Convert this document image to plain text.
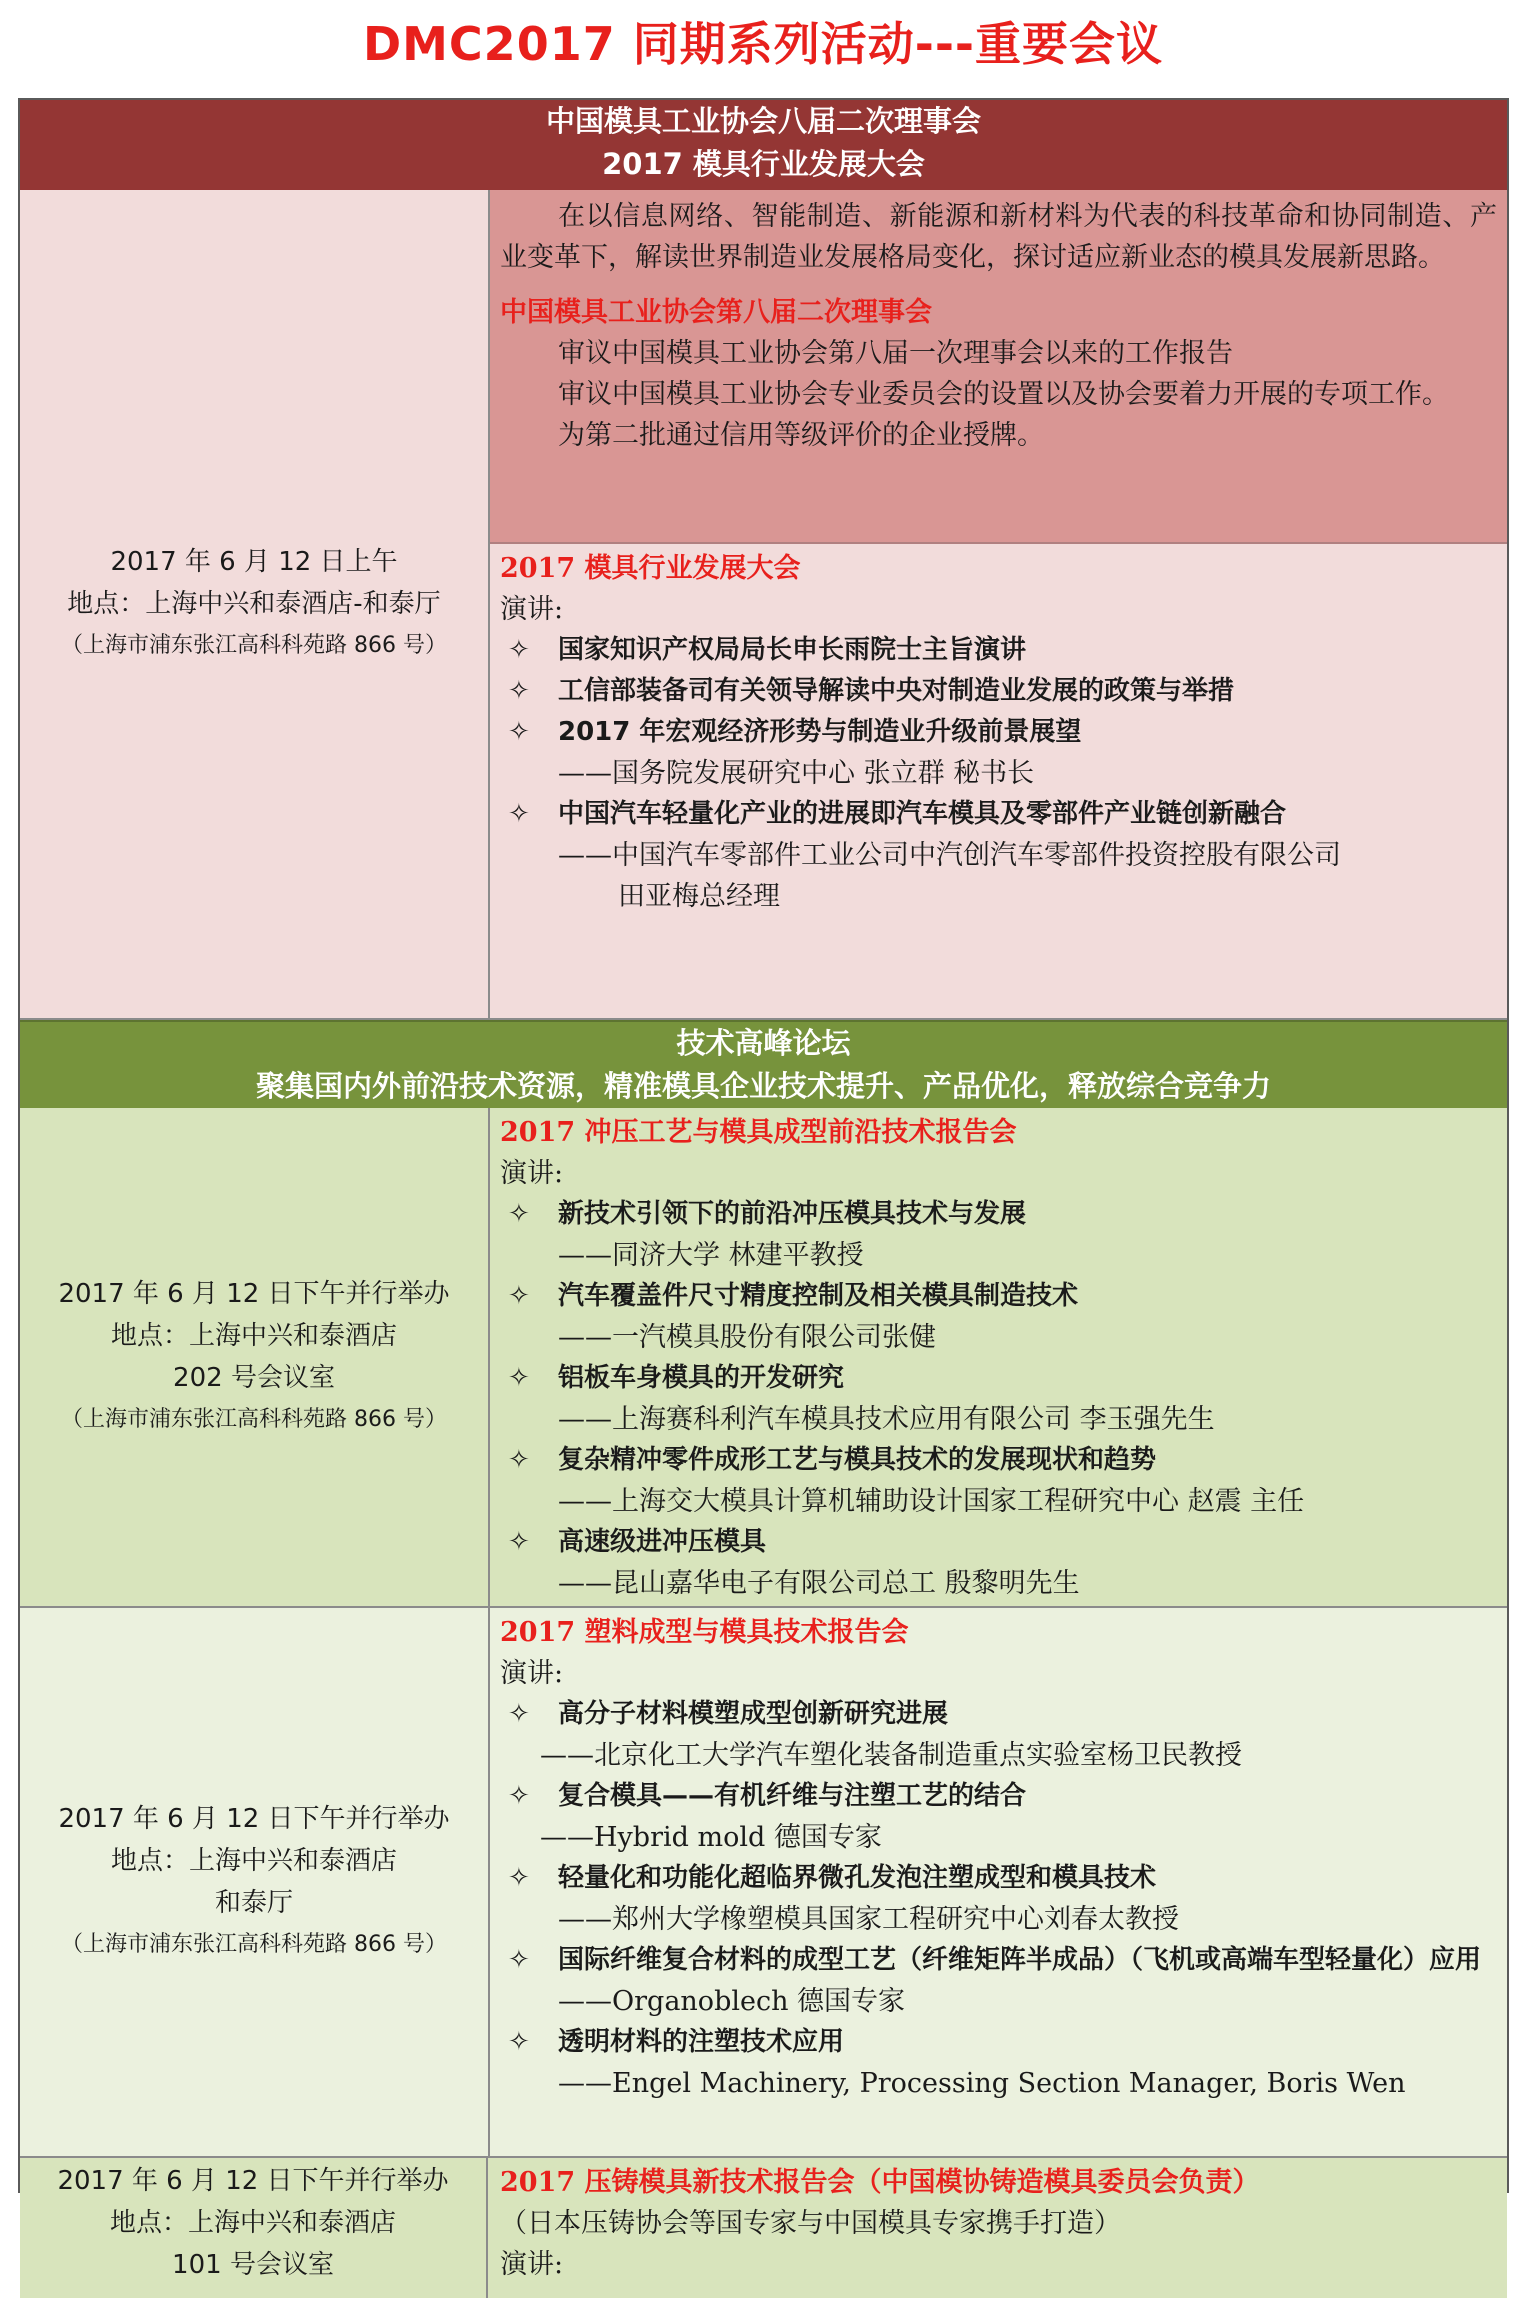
DMC2017 同期系列活动---重要会议
中国模具工业协会八届二次理事会
2017 模具行业发展大会
2017 年 6 月 12 日上午
地点：上海中兴和泰酒店-和泰厅
（上海市浦东张江高科科苑路 866 号）
在以信息网络、智能制造、新能源和新材料为代表的科技革命和协同制造、产业变革下，解读世界制造业发展格局变化，探讨适应新业态的模具发展新思路。
中国模具工业协会第八届二次理事会
审议中国模具工业协会第八届一次理事会以来的工作报告
审议中国模具工业协会专业委员会的设置以及协会要着力开展的专项工作。
为第二批通过信用等级评价的企业授牌。
2017 模具行业发展大会
演讲:
✧ 国家知识产权局局长申长雨院士主旨演讲
✧ 工信部装备司有关领导解读中央对制造业发展的政策与举措
✧ 2017 年宏观经济形势与制造业升级前景展望
——国务院发展研究中心 张立群 秘书长
✧ 中国汽车轻量化产业的进展即汽车模具及零部件产业链创新融合
——中国汽车零部件工业公司中汽创汽车零部件投资控股有限公司
田亚梅总经理
技术高峰论坛
聚集国内外前沿技术资源，精准模具企业技术提升、产品优化，释放综合竞争力
2017 年 6 月 12 日下午并行举办
地点：上海中兴和泰酒店
202 号会议室
（上海市浦东张江高科科苑路 866 号）
2017 冲压工艺与模具成型前沿技术报告会
演讲:
✧ 新技术引领下的前沿冲压模具技术与发展
——同济大学 林建平教授
✧ 汽车覆盖件尺寸精度控制及相关模具制造技术
——一汽模具股份有限公司张健
✧ 铝板车身模具的开发研究
——上海赛科利汽车模具技术应用有限公司 李玉强先生
✧ 复杂精冲零件成形工艺与模具技术的发展现状和趋势
——上海交大模具计算机辅助设计国家工程研究中心 赵震 主任
✧ 高速级进冲压模具
——昆山嘉华电子有限公司总工 殷黎明先生
2017 年 6 月 12 日下午并行举办
地点：上海中兴和泰酒店
和泰厅
（上海市浦东张江高科科苑路 866 号）
2017 塑料成型与模具技术报告会
演讲:
✧ 高分子材料模塑成型创新研究进展
——北京化工大学汽车塑化装备制造重点实验室杨卫民教授
✧ 复合模具——有机纤维与注塑工艺的结合
——Hybrid mold 德国专家
✧ 轻量化和功能化超临界微孔发泡注塑成型和模具技术
——郑州大学橡塑模具国家工程研究中心刘春太教授
✧ 国际纤维复合材料的成型工艺（纤维矩阵半成品）（飞机或高端车型轻量化）应用
——Organoblech 德国专家
✧ 透明材料的注塑技术应用
——Engel Machinery, Processing Section Manager, Boris Wen
2017 年 6 月 12 日下午并行举办
地点：上海中兴和泰酒店
101 号会议室
2017 压铸模具新技术报告会（中国模协铸造模具委员会负责）
（日本压铸协会等国专家与中国模具专家携手打造）
演讲:
